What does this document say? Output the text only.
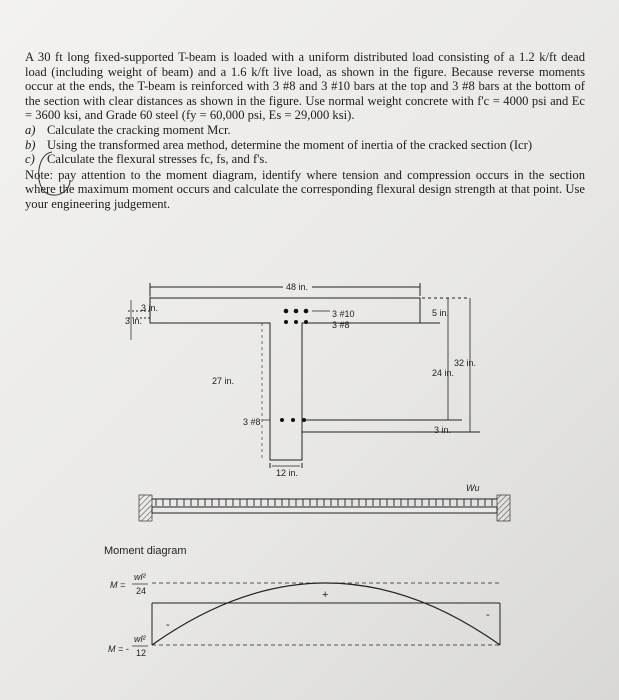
A 30 ft long fixed-supported T-beam is loaded with a uniform distributed load consisting of a 1.2 k/ft dead load (including weight of beam) and a 1.6 k/ft live load, as shown in the figure. Because reverse moments occur at the ends, the T-beam is reinforced with 3 #8 and 3 #10 bars at the top and 3 #8 bars at the bottom of the section with clear distances as shown in the figure. Use normal weight concrete with f'c = 4000 psi and Ec = 3600 ksi, and Grade 60 steel (fy = 60,000 psi, Es = 29,000 ksi).

a) Calculate the cracking moment Mcr.

b) Using the transformed area method, determine the moment of inertia of the cracked section (Icr)

c) Calculate the flexural stresses fc, fs, and f's.

Note: pay attention to the moment diagram, identify where tension and compression occurs in the section where the maximum moment occurs and calculate the corresponding flexural design strength at that point. Use your engineering judgement.

48 in.
3 in.
3 in.
5 in.
32 in.
24 in.
27 in.
3 in.
12 in.
3 #10
3 #8
3 #8
Wu
Moment diagram
M =
wl²
24
M = -
wl²
12
+
-
-
